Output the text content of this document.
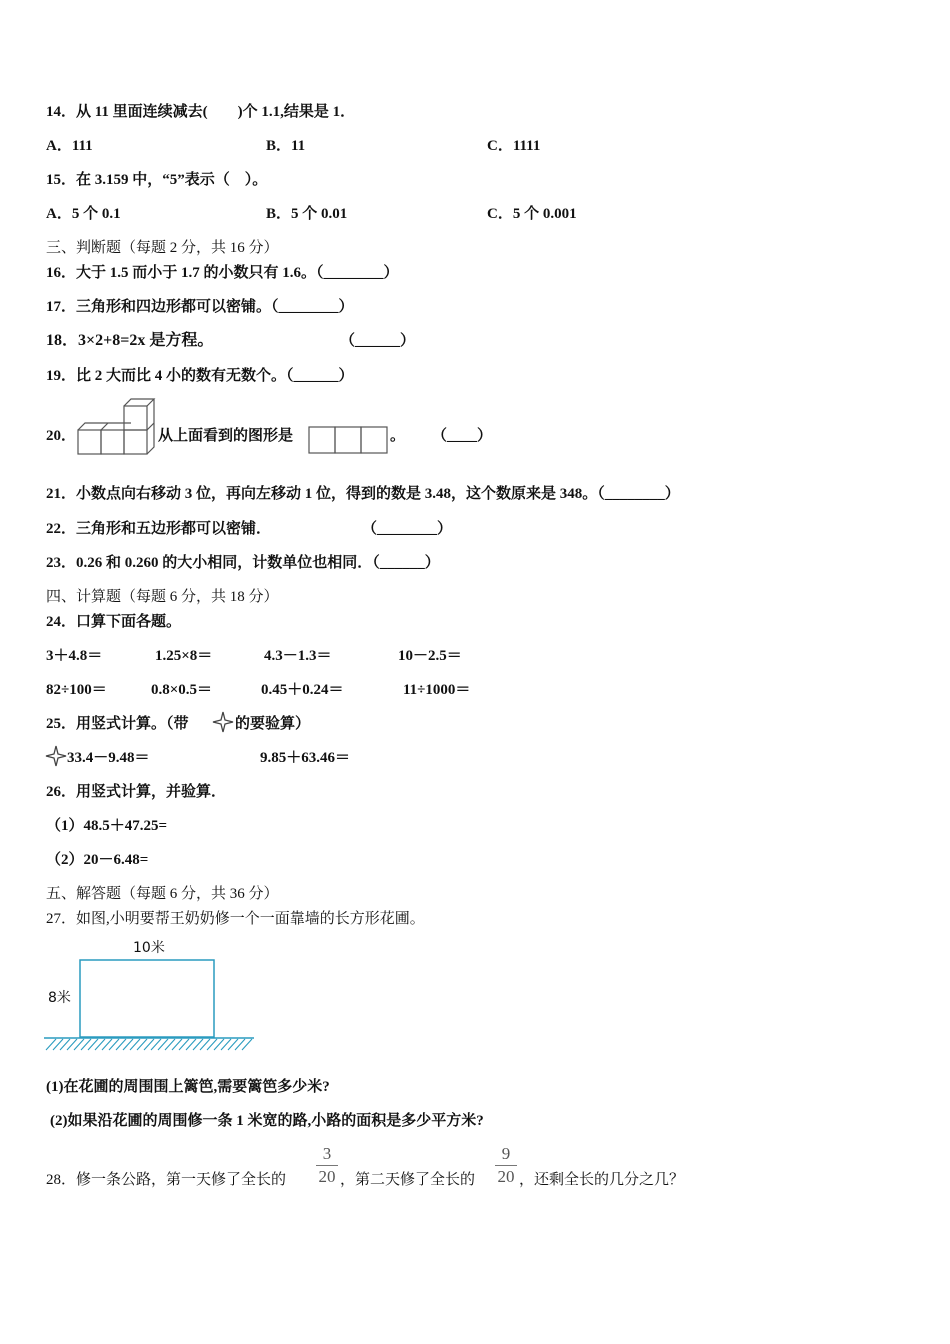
14．从 11 里面连续减去(　　)个 1.1,结果是 1．
A．111	B．11	C．1111
15．在 3.159 中，“5”表示（　）。
A．5 个 0.1	B．5 个 0.01	C．5 个 0.001
三、判断题（每题 2 分，共 16 分）
16．大于 1.5 而小于 1.7 的小数只有 1.6。（________）
17．三角形和四边形都可以密铺。（________）
18．3×2+8=2x 是方程。	（______）
19．比 2 大而比 4 小的数有无数个。（______）
20．	从上面看到的图形是	。 （____）
21．小数点向右移动 3 位，再向左移动 1 位，得到的数是 3.48，这个数原来是 348。（________）
22．三角形和五边形都可以密铺．	（________）
23．0.26 和 0.260 的大小相同，计数单位也相同．（______）
四、计算题（每题 6 分，共 18 分）
24．口算下面各题。
3＋4.8＝	1.25×8＝	4.3－1.3＝	10－2.5＝
82÷100＝	0.8×0.5＝	0.45＋0.24＝	11÷1000＝
25．用竖式计算。（带	的要验算）
33.4－9.48＝	9.85＋63.46＝
26．用竖式计算，并验算．
（1）48.5＋47.25=
（2）20－6.48=
五、解答题（每题 6 分，共 36 分）
27．如图,小明要帮王奶奶修一个一面靠墙的长方形花圃。
10米
8米
(1)在花圃的周围围上篱笆,需要篱笆多少米?
(2)如果沿花圃的周围修一条 1 米宽的路,小路的面积是多少平方米?
28．修一条公路，第一天修了全长的
3
20 ，第二天修了全长的
9
20 ，还剩全长的几分之几？
